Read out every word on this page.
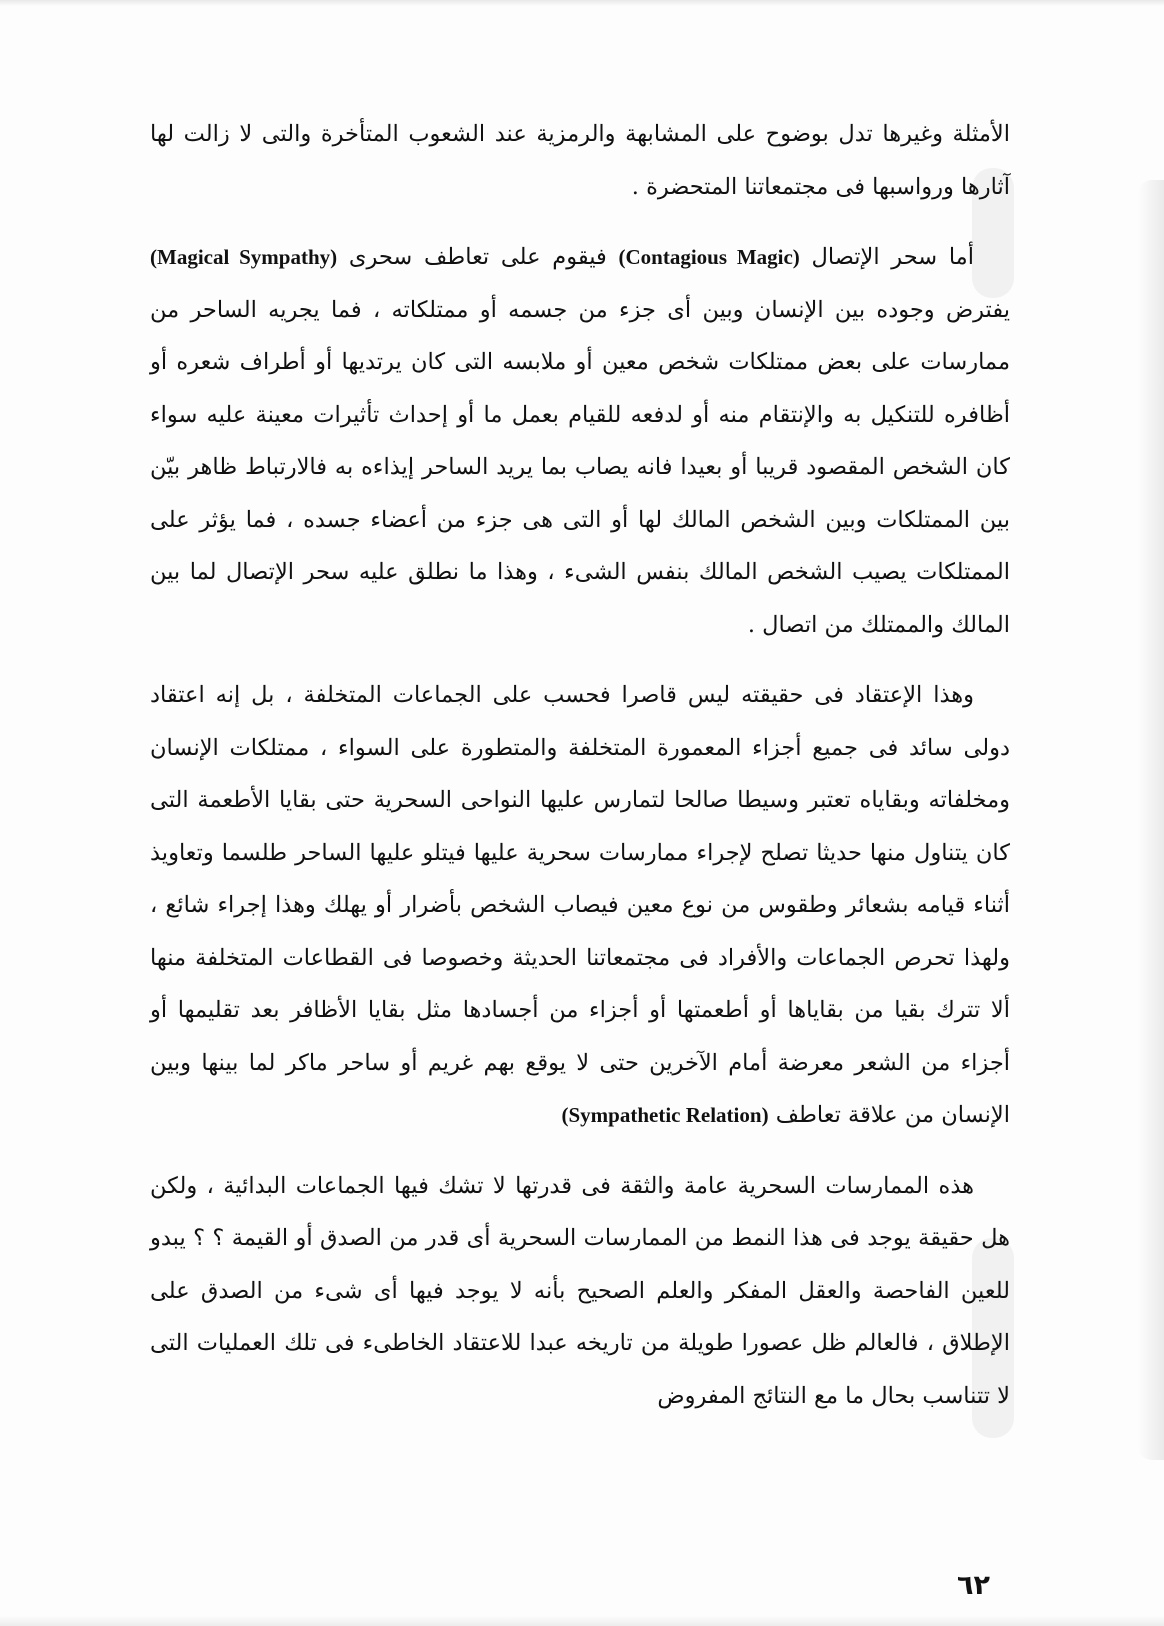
الأمثلة وغيرها تدل بوضوح على المشابهة والرمزية عند الشعوب المتأخرة والتى لا زالت لها آثارها ورواسبها فى مجتمعاتنا المتحضرة .

أما سحر الإتصال (Contagious Magic) فيقوم على تعاطف سحرى (Magical Sympathy) يفترض وجوده بين الإنسان وبين أى جزء من جسمه أو ممتلكاته ، فما يجريه الساحر من ممارسات على بعض ممتلكات شخص معين أو ملابسه التى كان يرتديها أو أطراف شعره أو أظافره للتنكيل به والإنتقام منه أو لدفعه للقيام بعمل ما أو إحداث تأثيرات معينة عليه سواء كان الشخص المقصود قريبا أو بعيدا فانه يصاب بما يريد الساحر إيذاءه به فالارتباط ظاهر بيّن بين الممتلكات وبين الشخص المالك لها أو التى هى جزء من أعضاء جسده ، فما يؤثر على الممتلكات يصيب الشخص المالك بنفس الشىء ، وهذا ما نطلق عليه سحر الإتصال لما بين المالك والممتلك من اتصال .

وهذا الإعتقاد فى حقيقته ليس قاصرا فحسب على الجماعات المتخلفة ، بل إنه اعتقاد دولى سائد فى جميع أجزاء المعمورة المتخلفة والمتطورة على السواء ، ممتلكات الإنسان ومخلفاته وبقاياه تعتبر وسيطا صالحا لتمارس عليها النواحى السحرية حتى بقايا الأطعمة التى كان يتناول منها حديثا تصلح لإجراء ممارسات سحرية عليها فيتلو عليها الساحر طلسما وتعاويذ أثناء قيامه بشعائر وطقوس من نوع معين فيصاب الشخص بأضرار أو يهلك وهذا إجراء شائع ، ولهذا تحرص الجماعات والأفراد فى مجتمعاتنا الحديثة وخصوصا فى القطاعات المتخلفة منها ألا تترك بقيا من بقاياها أو أطعمتها أو أجزاء من أجسادها مثل بقايا الأظافر بعد تقليمها أو أجزاء من الشعر معرضة أمام الآخرين حتى لا يوقع بهم غريم أو ساحر ماكر لما بينها وبين الإنسان من علاقة تعاطف (Sympathetic Relation)

هذه الممارسات السحرية عامة والثقة فى قدرتها لا تشك فيها الجماعات البدائية ، ولكن هل حقيقة يوجد فى هذا النمط من الممارسات السحرية أى قدر من الصدق أو القيمة ؟ ؟ يبدو للعين الفاحصة والعقل المفكر والعلم الصحيح بأنه لا يوجد فيها أى شىء من الصدق على الإطلاق ، فالعالم ظل عصورا طويلة من تاريخه عبدا للاعتقاد الخاطىء فى تلك العمليات التى لا تتناسب بحال ما مع النتائج المفروض

٦٢
